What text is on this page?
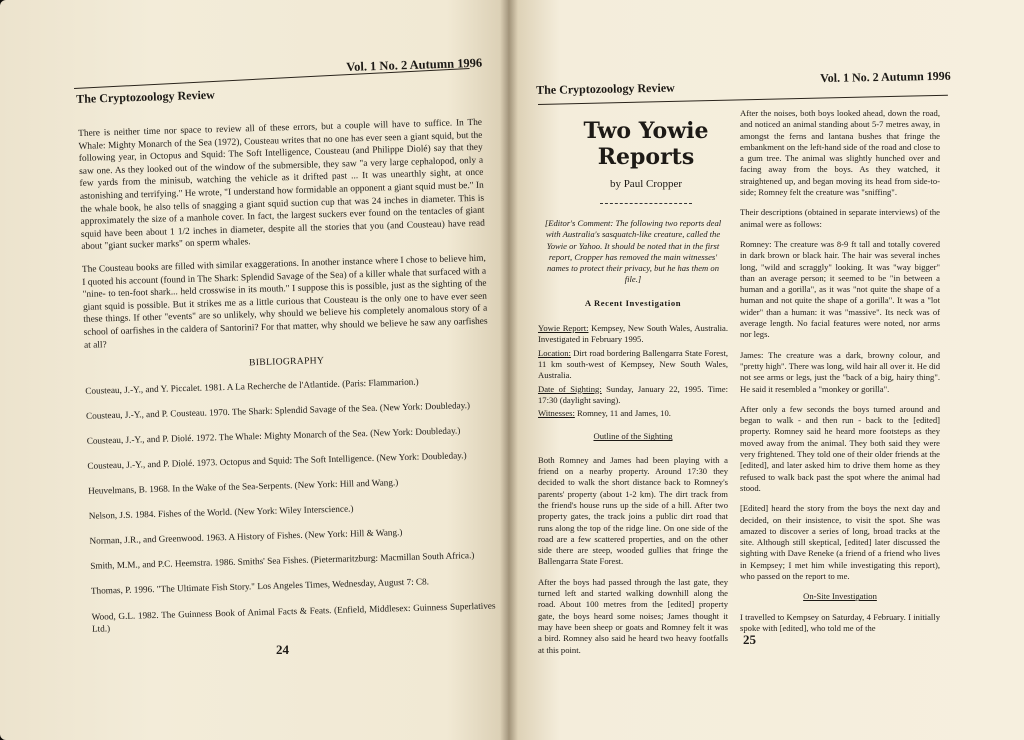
The Cryptozoology Review
Vol. 1 No. 2 Autumn 1996

There is neither time nor space to review all of these errors, but a couple will have to suffice. In The Whale: Mighty Monarch of the Sea (1972), Cousteau writes that no one has ever seen a giant squid, but the following year, in Octopus and Squid: The Soft Intelligence, Cousteau (and Philippe Diolé) say that they saw one. As they looked out of the window of the submersible, they saw "a very large cephalopod, only a few yards from the minisub, watching the vehicle as it drifted past ... It was unearthly sight, at once astonishing and terrifying." He wrote, "I understand how formidable an opponent a giant squid must be." In the whale book, he also tells of snagging a giant squid suction cup that was 24 inches in diameter. This is approximately the size of a manhole cover. In fact, the largest suckers ever found on the tentacles of giant squid have been about 1 1/2 inches in diameter, despite all the stories that you (and Cousteau) have read about "giant sucker marks" on sperm whales.

The Cousteau books are filled with similar exaggerations. In another instance where I chose to believe him, I quoted his account (found in The Shark: Splendid Savage of the Sea) of a killer whale that surfaced with a "nine- to ten-foot shark... held crosswise in its mouth." I suppose this is possible, just as the sighting of the giant squid is possible. But it strikes me as a little curious that Cousteau is the only one to have ever seen these things. If other "events" are so unlikely, why should we believe his completely anomalous story of a school of oarfishes in the caldera of Santorini? For that matter, why should we believe he saw any oarfishes at all?

BIBLIOGRAPHY
Cousteau, J.-Y., and Y. Piccalet. 1981. A La Recherche de l'Atlantide. (Paris: Flammarion.)
Cousteau, J.-Y., and P. Cousteau. 1970. The Shark: Splendid Savage of the Sea. (New York: Doubleday.)
Cousteau, J.-Y., and P. Diolé. 1972. The Whale: Mighty Monarch of the Sea. (New York: Doubleday.)
Cousteau, J.-Y., and P. Diolé. 1973. Octopus and Squid: The Soft Intelligence. (New York: Doubleday.)
Heuvelmans, B. 1968. In the Wake of the Sea-Serpents. (New York: Hill and Wang.)
Nelson, J.S. 1984. Fishes of the World. (New York: Wiley Interscience.)
Norman, J.R., and Greenwood. 1963. A History of Fishes. (New York: Hill & Wang.)
Smith, M.M., and P.C. Heemstra. 1986. Smiths' Sea Fishes. (Pietermaritzburg: Macmillan South Africa.)
Thomas, P. 1996. "The Ultimate Fish Story." Los Angeles Times, Wednesday, August 7: C8.
Wood, G.L. 1982. The Guinness Book of Animal Facts & Feats. (Enfield, Middlesex: Guinness Superlatives Ltd.)
24
The Cryptozoology Review
Vol. 1 No. 2 Autumn 1996
Two Yowie
Reports
by Paul Cropper

[Editor's Comment: The following two reports deal with Australia's sasquatch-like creature, called the Yowie or Yahoo. It should be noted that in the first report, Cropper has removed the main witnesses' names to protect their privacy, but he has them on file.]

A Recent Investigation

Yowie Report: Kempsey, New South Wales, Australia. Investigated in February 1995.
Location: Dirt road bordering Ballengarra State Forest, 11 km south-west of Kempsey, New South Wales, Australia.
Date of Sighting: Sunday, January 22, 1995. Time: 17:30 (daylight saving).
Witnesses: Romney, 11 and James, 10.

Outline of the Sighting

Both Romney and James had been playing with a friend on a nearby property. Around 17:30 they decided to walk the short distance back to Romney's parents' property (about 1-2 km). The dirt track from the friend's house runs up the side of a hill. After two property gates, the track joins a public dirt road that runs along the top of the ridge line. On one side of the road are a few scattered properties, and on the other side there are steep, wooded gullies that fringe the Ballengarra State Forest.

After the boys had passed through the last gate, they turned left and started walking downhill along the road. About 100 metres from the [edited] property gate, the boys heard some noises; James thought it may have been sheep or goats and Romney felt it was a bird. Romney also said he heard two heavy footfalls at this point.

After the noises, both boys looked ahead, down the road, and noticed an animal standing about 5-7 metres away, in amongst the ferns and lantana bushes that fringe the embankment on the left-hand side of the road and close to a gum tree. The animal was slightly hunched over and facing away from the boys. As they watched, it straightened up, and began moving its head from side-to-side; Romney felt the creature was "sniffing".

Their descriptions (obtained in separate interviews) of the animal were as follows:

Romney: The creature was 8-9 ft tall and totally covered in dark brown or black hair. The hair was several inches long, "wild and scraggly" looking. It was "way bigger" than an average person; it seemed to be "in between a human and a gorilla", as it was "not quite the shape of a human and not quite the shape of a gorilla". It was a "lot wider" than a human: it was "massive". Its neck was of average length. No facial features were noted, nor arms nor legs.

James: The creature was a dark, browny colour, and "pretty high". There was long, wild hair all over it. He did not see arms or legs, just the "back of a big, hairy thing". He said it resembled a "monkey or gorilla".

After only a few seconds the boys turned around and began to walk - and then run - back to the [edited] property. Romney said he heard more footsteps as they moved away from the animal. They both said they were very frightened. They told one of their older friends at the [edited], and later asked him to drive them home as they refused to walk back past the spot where the animal had stood.

[Edited] heard the story from the boys the next day and decided, on their insistence, to visit the spot. She was amazed to discover a series of long, broad tracks at the site. Although still skeptical, [edited] later discussed the sighting with Dave Reneke (a friend of a friend who lives in Kempsey; I met him while investigating this report), who passed on the report to me.

On-Site Investigation

I travelled to Kempsey on Saturday, 4 February. I initially spoke with [edited], who told me of the

25
